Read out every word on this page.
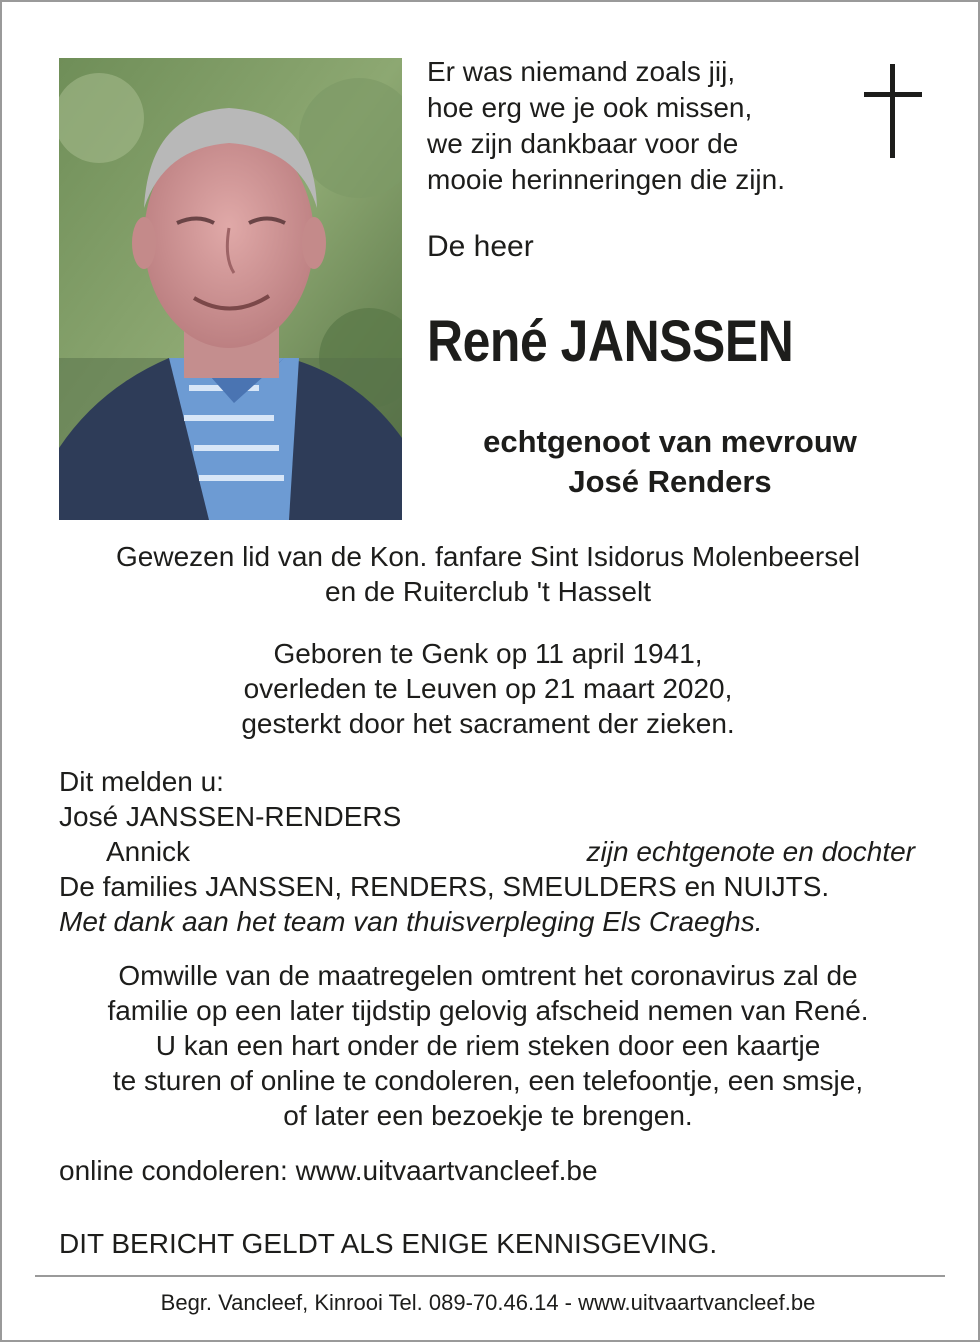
Er was niemand zoals jij,
hoe erg we je ook missen,
we zijn dankbaar voor de
mooie herinneringen die zijn.
De heer
René JANSSEN
echtgenoot van mevrouw
José Renders
Gewezen lid van de Kon. fanfare Sint Isidorus Molenbeersel
en de Ruiterclub 't Hasselt
Geboren te Genk op 11 april 1941,
overleden te Leuven op 21 maart 2020,
gesterkt door het sacrament der zieken.
Dit melden u:
José JANSSEN-RENDERS
Annick	zijn echtgenote en dochter
De families JANSSEN, RENDERS, SMEULDERS en NUIJTS.
Met dank aan het team van thuisverpleging Els Craeghs.
Omwille van de maatregelen omtrent het coronavirus zal de
familie op een later tijdstip gelovig afscheid nemen van René.
U kan een hart onder de riem steken door een kaartje
te sturen of online te condoleren, een telefoontje, een smsje,
of later een bezoekje te brengen.
online condoleren: www.uitvaartvancleef.be
DIT BERICHT GELDT ALS ENIGE KENNISGEVING.
Begr. Vancleef, Kinrooi Tel. 089-70.46.14 - www.uitvaartvancleef.be
